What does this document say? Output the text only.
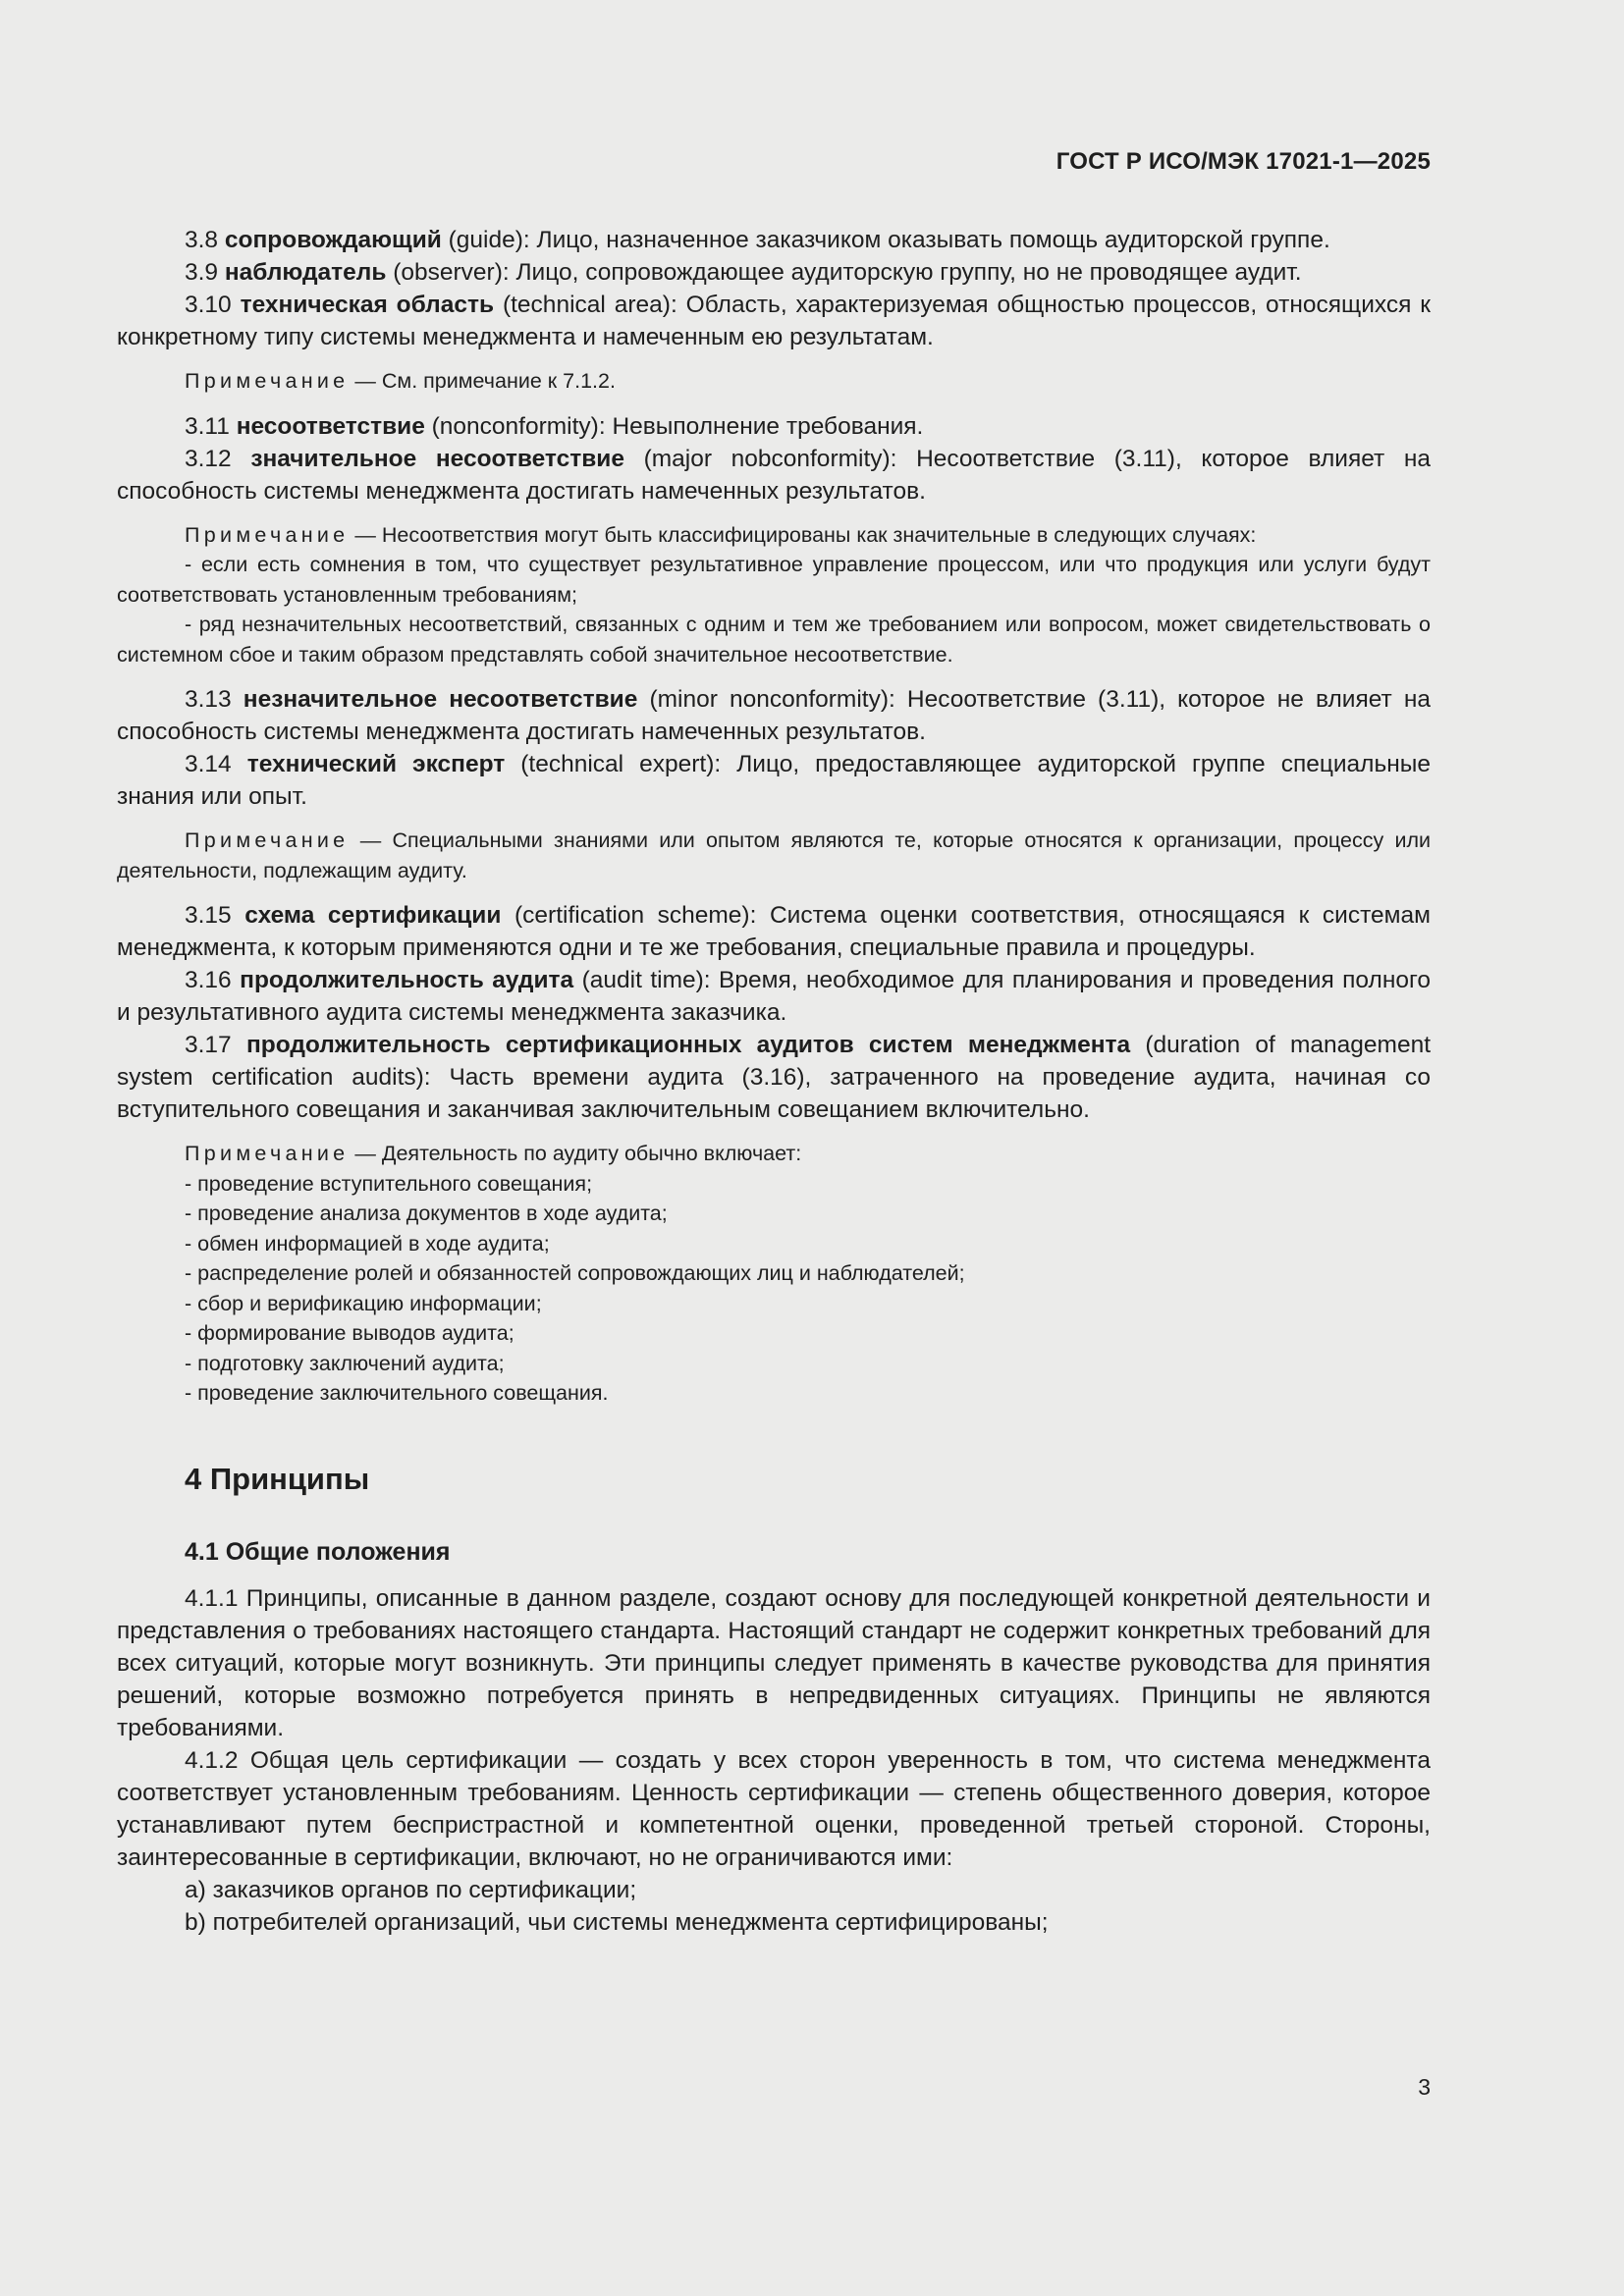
ГОСТ Р ИСО/МЭК 17021-1—2025

3.8 сопровождающий (guide): Лицо, назначенное заказчиком оказывать помощь аудиторской группе.

3.9 наблюдатель (observer): Лицо, сопровождающее аудиторскую группу, но не проводящее аудит.

3.10 техническая область (technical area): Область, характеризуемая общностью процессов, относящихся к конкретному типу системы менеджмента и намеченным ею результатам.

Примечание — См. примечание к 7.1.2.

3.11 несоответствие (nonconformity): Невыполнение требования.

3.12 значительное несоответствие (major nobconformity): Несоответствие (3.11), которое влияет на способность системы менеджмента достигать намеченных результатов.

Примечание — Несоответствия могут быть классифицированы как значительные в следующих случаях:

- если есть сомнения в том, что существует результативное управление процессом, или что продукция или услуги будут соответствовать установленным требованиям;

- ряд незначительных несоответствий, связанных с одним и тем же требованием или вопросом, может свидетельствовать о системном сбое и таким образом представлять собой значительное несоответствие.

3.13 незначительное несоответствие (minor nonconformity): Несоответствие (3.11), которое не влияет на способность системы менеджмента достигать намеченных результатов.

3.14 технический эксперт (technical expert): Лицо, предоставляющее аудиторской группе специальные знания или опыт.

Примечание — Специальными знаниями или опытом являются те, которые относятся к организации, процессу или деятельности, подлежащим аудиту.

3.15 схема сертификации (certification scheme): Система оценки соответствия, относящаяся к системам менеджмента, к которым применяются одни и те же требования, специальные правила и процедуры.

3.16 продолжительность аудита (audit time): Время, необходимое для планирования и проведения полного и результативного аудита системы менеджмента заказчика.

3.17 продолжительность сертификационных аудитов систем менеджмента (duration of management system certification audits): Часть времени аудита (3.16), затраченного на проведение аудита, начиная со вступительного совещания и заканчивая заключительным совещанием включительно.

Примечание — Деятельность по аудиту обычно включает:

- проведение вступительного совещания;

- проведение анализа документов в ходе аудита;

- обмен информацией в ходе аудита;

- распределение ролей и обязанностей сопровождающих лиц и наблюдателей;

- сбор и верификацию информации;

- формирование выводов аудита;

- подготовку заключений аудита;

- проведение заключительного совещания.

4 Принципы
4.1 Общие положения

4.1.1 Принципы, описанные в данном разделе, создают основу для последующей конкретной деятельности и представления о требованиях настоящего стандарта. Настоящий стандарт не содержит конкретных требований для всех ситуаций, которые могут возникнуть. Эти принципы следует применять в качестве руководства для принятия решений, которые возможно потребуется принять в непредвиденных ситуациях. Принципы не являются требованиями.

4.1.2 Общая цель сертификации — создать у всех сторон уверенность в том, что система менеджмента соответствует установленным требованиям. Ценность сертификации — степень общественного доверия, которое устанавливают путем беспристрастной и компетентной оценки, проведенной третьей стороной. Стороны, заинтересованные в сертификации, включают, но не ограничиваются ими:

a) заказчиков органов по сертификации;

b) потребителей организаций, чьи системы менеджмента сертифицированы;

3
